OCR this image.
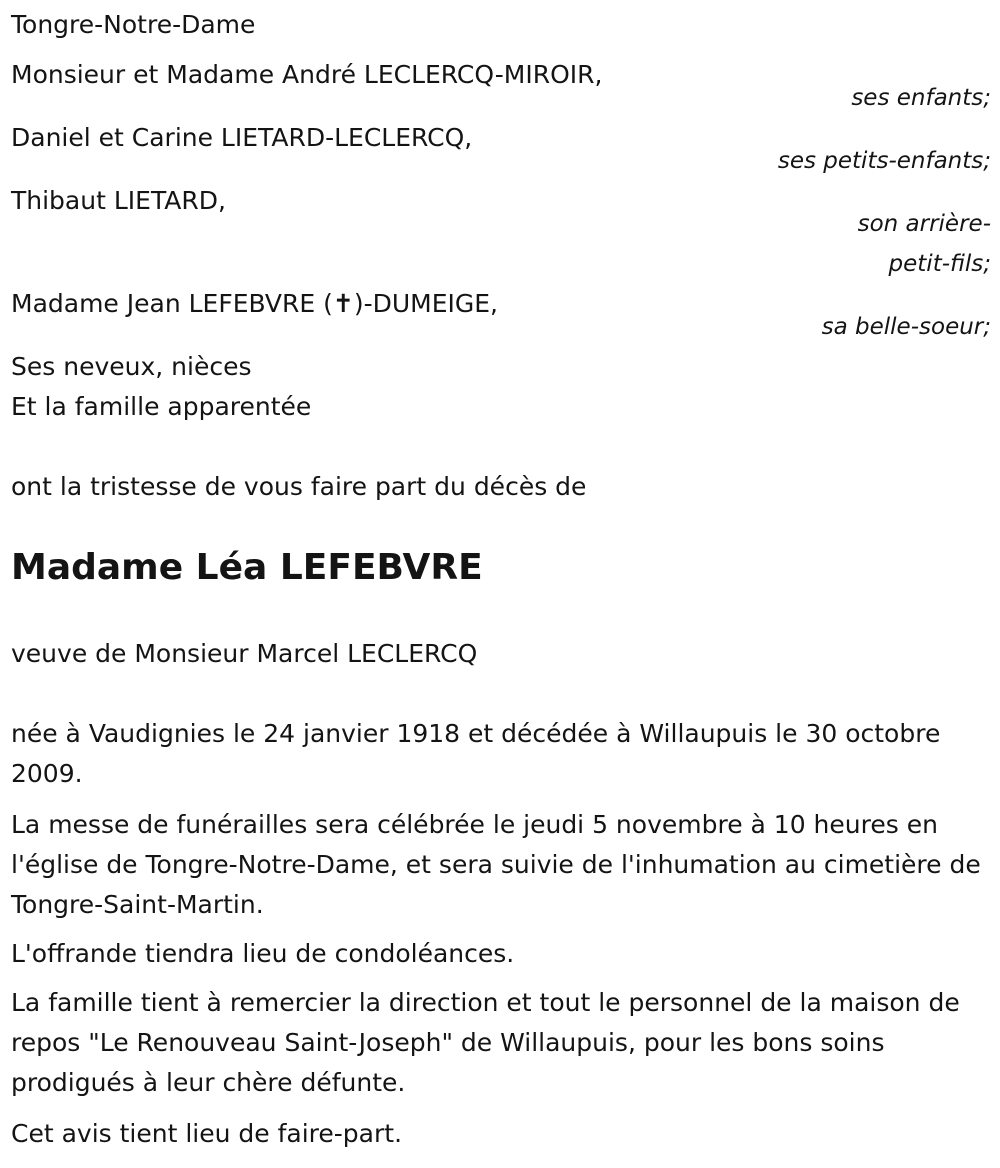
Tongre-Notre-Dame
Monsieur et Madame André LECLERCQ-MIROIR,
ses enfants;
Daniel et Carine LIETARD-LECLERCQ,
ses petits-enfants;
Thibaut LIETARD,
son arrière-
petit-fils;
Madame Jean LEFEBVRE (✝)-DUMEIGE,
sa belle-soeur;
Ses neveux, nièces
Et la famille apparentée
ont la tristesse de vous faire part du décès de
Madame Léa LEFEBVRE
veuve de Monsieur Marcel LECLERCQ
née à Vaudignies le 24 janvier 1918 et décédée à Willaupuis le 30 octobre 2009.
La messe de funérailles sera célébrée le jeudi 5 novembre à 10 heures en l'église de Tongre-Notre-Dame, et sera suivie de l'inhumation au cimetière de Tongre-Saint-Martin.
L'offrande tiendra lieu de condoléances.
La famille tient à remercier la direction et tout le personnel de la maison de repos "Le Renouveau Saint-Joseph" de Willaupuis, pour les bons soins prodigués à leur chère défunte.
Cet avis tient lieu de faire-part.
